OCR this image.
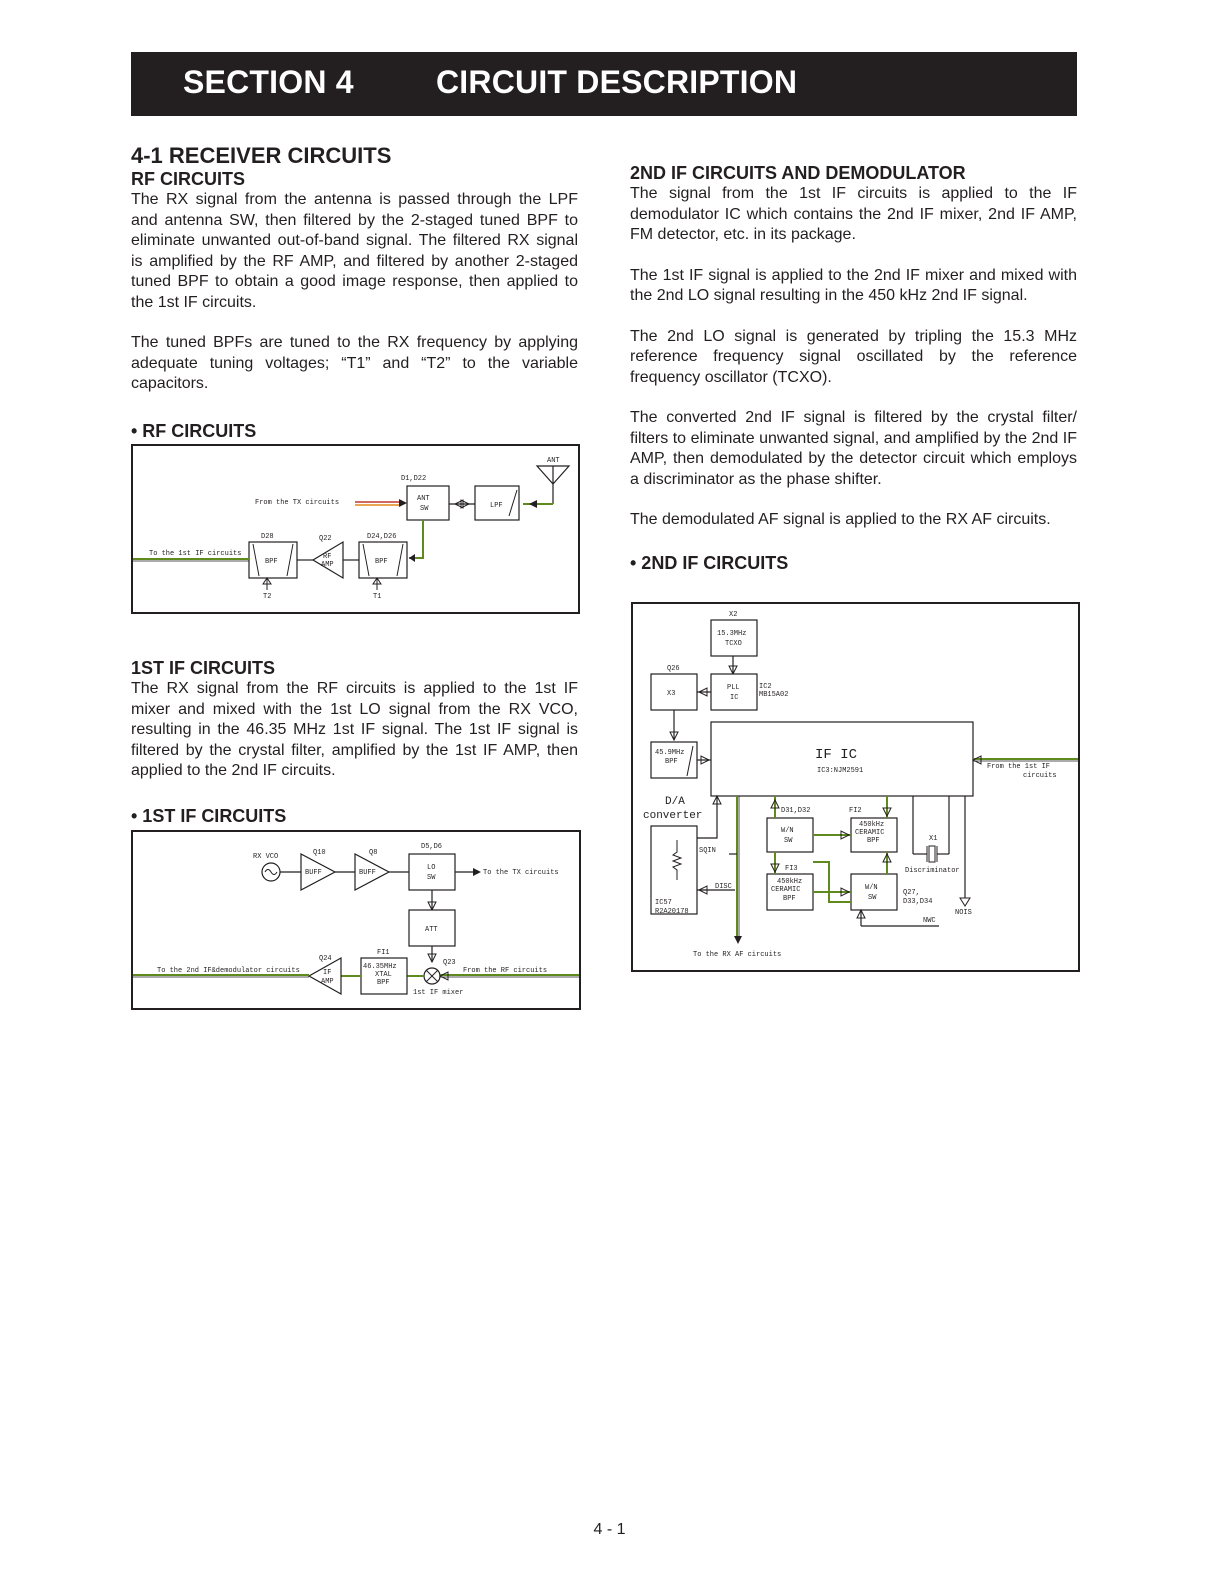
SECTION 4	CIRCUIT DESCRIPTION
4-1 RECEIVER CIRCUITS
RF CIRCUITS

The RX signal from the antenna is passed through the LPF and antenna SW, then filtered by the 2-staged tuned BPF to eliminate unwanted out-of-band signal. The filtered RX signal is amplified by the RF AMP, and filtered by another 2-staged tuned BPF to obtain a good image response, then applied to the 1st IF circuits.

The tuned BPFs are tuned to the RX frequency by applying adequate tuning voltages; “T1” and “T2” to the variable capacitors.

• RF CIRCUITS
ANT
LPF
ANT
SW
D1,D22
From the TX circuits
BPF
D24,D26
T1
RF
AMP
Q22
BPF
D28
T2
To the 1st IF circuits
1ST IF CIRCUITS

The RX signal from the RF circuits is applied to the 1st IF mixer and mixed with the 1st LO signal from the RX VCO, resulting in the 46.35 MHz 1st IF signal. The 1st IF signal is filtered by the crystal filter, amplified by the 1st IF AMP, then applied to the 2nd IF circuits.

• 1ST IF CIRCUITS
RX VCO
BUFF
Q10
BUFF
Q8
LO
SW
D5,D6
To the TX circuits
ATT
Q23
1st IF mixer
From the RF circuits
46.35MHz
XTAL
BPF
FI1
IF
AMP
Q24
To the 2nd IF&demodulator circuits
2ND IF CIRCUITS AND DEMODULATOR

The signal from the 1st IF circuits is applied to the IF demodulator IC which contains the 2nd IF mixer, 2nd IF AMP, FM detector, etc. in its package.

The 1st IF signal is applied to the 2nd IF mixer and mixed with the 2nd LO signal resulting in the 450 kHz 2nd IF signal.

The 2nd LO signal is generated by tripling the 15.3 MHz reference frequency signal oscillated by the reference frequency oscillator (TCXO).

The converted 2nd IF signal is filtered by the crystal filter/ filters to eliminate unwanted signal, and amplified by the 2nd IF AMP, then demodulated by the detector circuit which employs a discriminator as the phase shifter.

The demodulated AF signal is applied to the RX AF circuits.

• 2ND IF CIRCUITS
X2
15.3MHz
TCXO
Q26
X3
PLL
IC
IC2
MB15A02
45.9MHz
BPF	IF IC
IC3:NJM2591	From the 1st IF
circuits
D/A
converter
IC57
R2A20178
DISC
To the RX AF circuits
SQIN
D31,D32
W/N
SW
FI2
450kHz
CERAMIC
BPF
FI3
450kHz
CERAMIC
BPF
W/N
SW
NWC
Q27,
D33,D34
X1
Discriminator
NOIS
4 - 1
